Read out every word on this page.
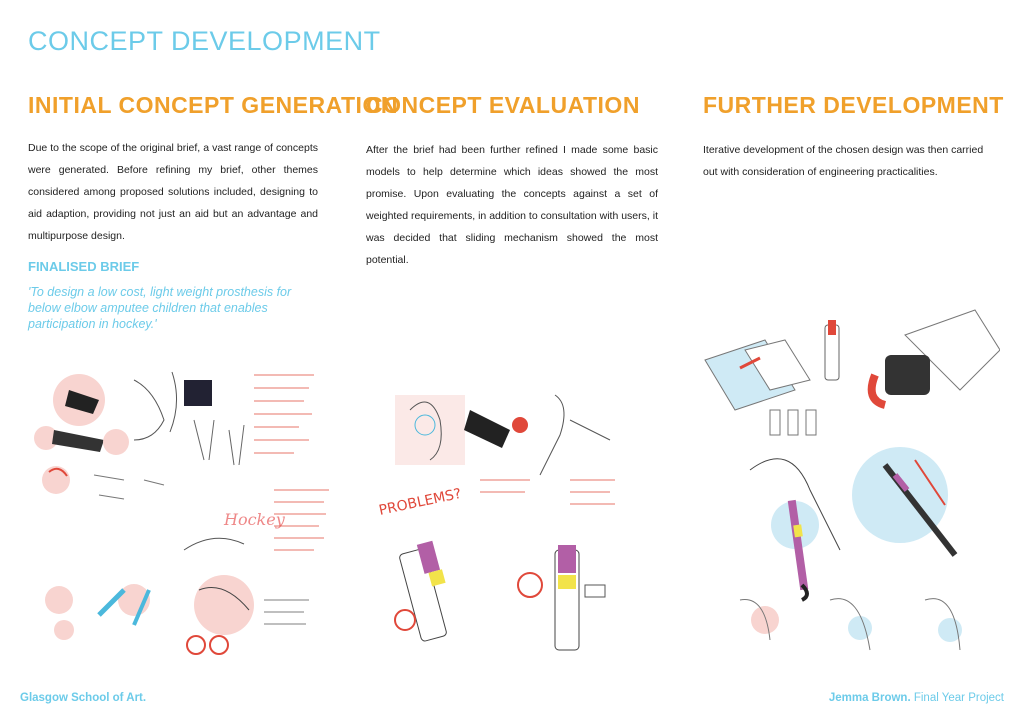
CONCEPT DEVELOPMENT
INITIAL CONCEPT GENERATION

Due to the scope of the original brief, a vast range of concepts were generated. Before refining my brief, other themes considered among proposed solutions included, designing to aid adaption, providing not just an aid but an advantage and multipurpose design.

FINALISED BRIEF

'To design a low cost, light weight prosthesis for below elbow amputee children that enables participation in hockey.'

CONCEPT EVALUATION

After the brief had been further refined I made some basic models to help determine which ideas showed the most promise. Upon evaluating the concepts against a set of weighted requirements, in addition to consultation with users, it was decided that sliding mechanism showed the most potential.

FURTHER DEVELOPMENT

Iterative development of the chosen design was then carried out with consideration of engineering practicalities.

Hockey
PROBLEMS?
Glasgow School of Art.	Jemma Brown. Final Year Project
